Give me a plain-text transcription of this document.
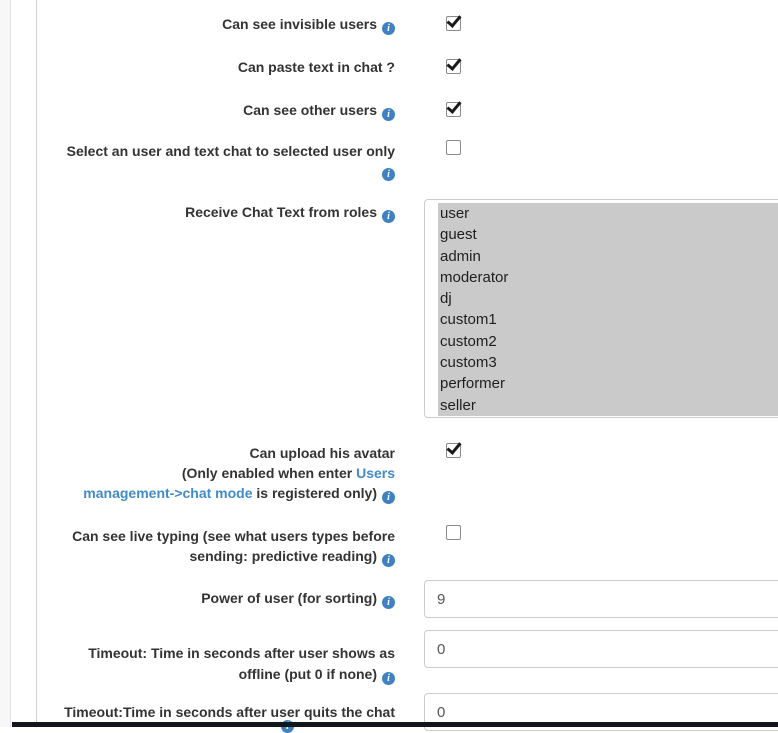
Can see invisible users i
Can paste text in chat ?
Can see other users i
Select an user and text chat to selected user only
i
Receive Chat Text from roles i	user
guest
admin
moderator
dj
custom1
custom2
custom3
performer
seller
Can upload his avatar
(Only enabled when enter Users
management->chat mode is registered only) i
Can see live typing (see what users types before
sending: predictive reading) i
Power of user (for sorting) i
9
Timeout: Time in seconds after user shows as
offline (put 0 if none) i
0
Timeout:Time in seconds after user quits the chat
0
